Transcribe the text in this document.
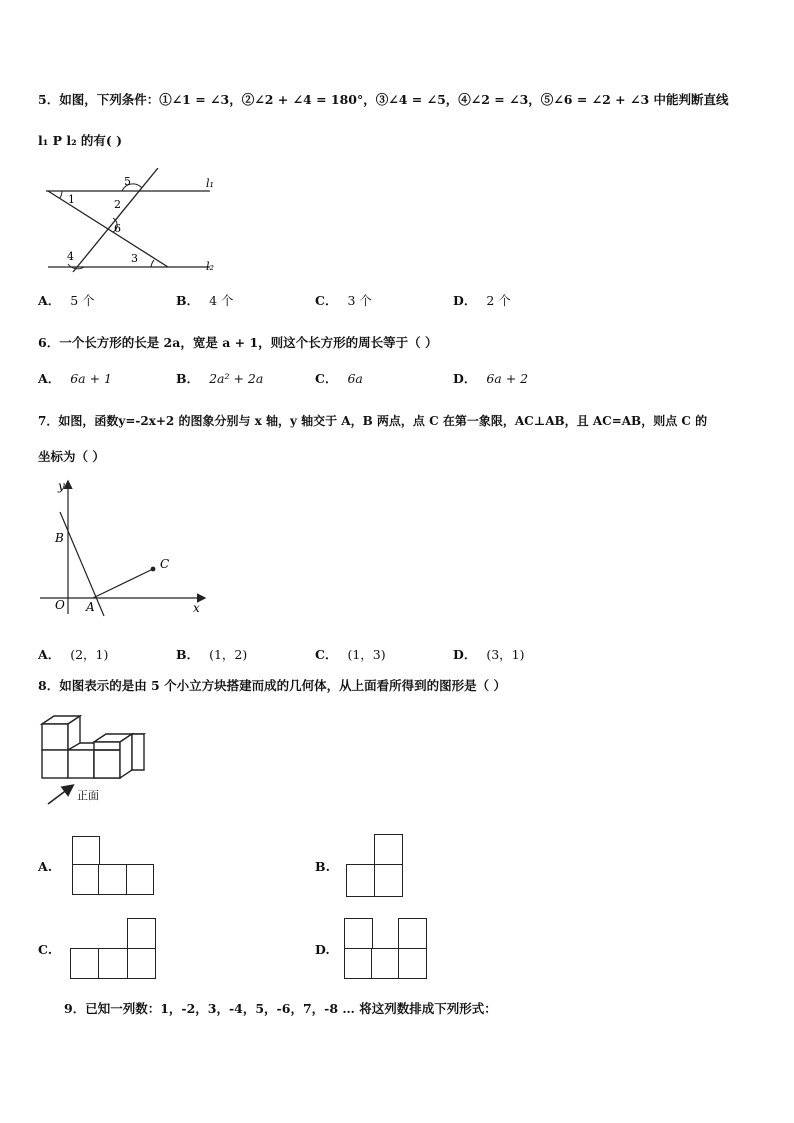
5．如图，下列条件：①∠1 = ∠3，②∠2 + ∠4 = 180°，③∠4 = ∠5，④∠2 = ∠3，⑤∠6 = ∠2 + ∠3 中能判断直线
l₁ P l₂ 的有( )
5
1	2
6
4	3
l₁
l₂
A． 5 个	B． 4 个	C． 3 个	D． 2 个
6．一个长方形的长是 2a，宽是 a + 1，则这个长方形的周长等于（ ）
A． 6a + 1	B． 2a² + 2a	C． 6a	D． 6a + 2
7．如图，函数y=-2x+2 的图象分别与 x 轴，y 轴交于 A，B 两点，点 C 在第一象限，AC⊥AB，且 AC=AB，则点 C 的
坐标为（ ）
y
B
C
O A	x
A． (2，1)	B． (1，2)	C． (1，3)	D． (3，1)
8．如图表示的是由 5 个小立方块搭建而成的几何体，从上面看所得到的图形是（ ）
正面
A.	B.
C.	D.
9．已知一列数：1，-2，3，-4，5，-6，7，-8 … 将这列数排成下列形式：
